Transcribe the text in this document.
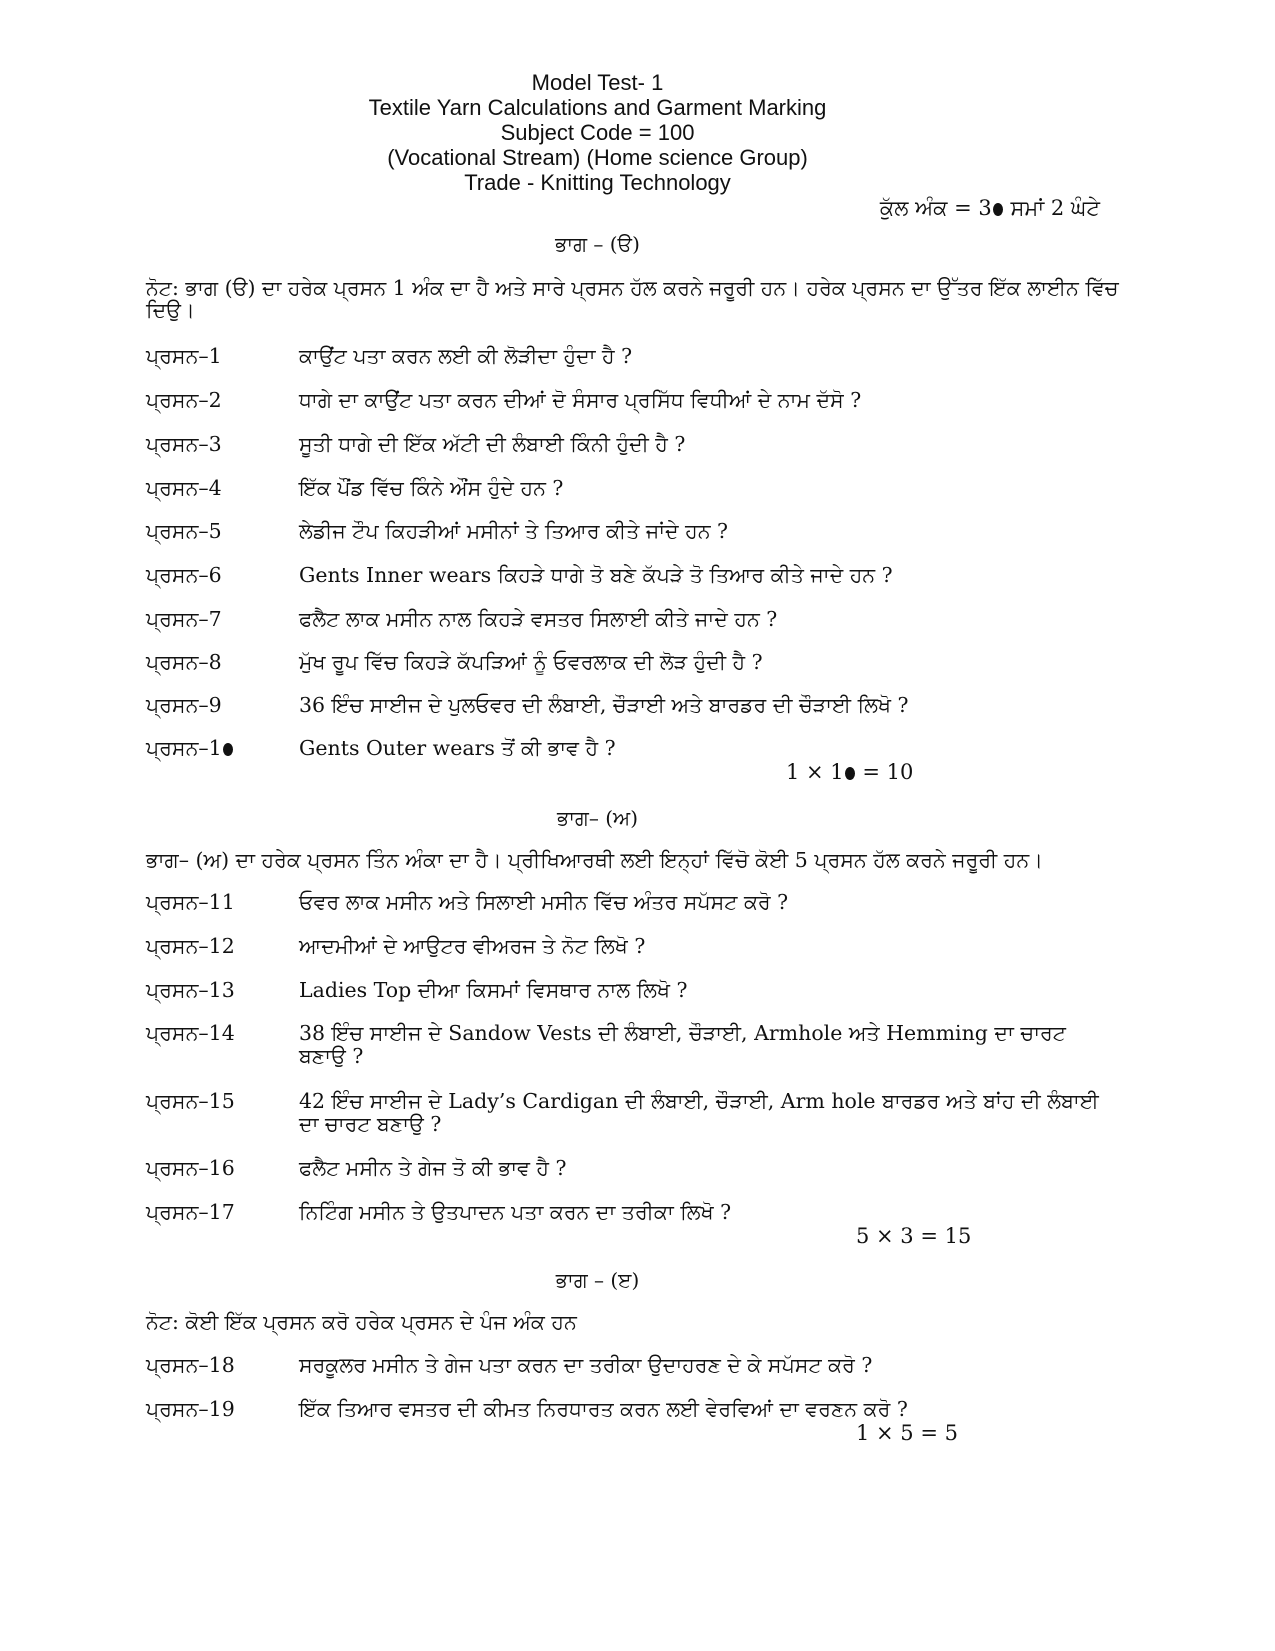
Model Test- 1
Textile Yarn Calculations and Garment Marking
Subject Code = 100
(Vocational Stream) (Home science Group)
Trade - Knitting Technology
ਕੁੱਲ ਅੰਕ = 3 ਸਮਾਂ 2 ਘੰਟੇ
ਭਾਗ – (ੳ)
ਨੋਟ: ਭਾਗ (ੳ) ਦਾ ਹਰੇਕ ਪ੍ਰਸਨ 1 ਅੰਕ ਦਾ ਹੈ ਅਤੇ ਸਾਰੇ ਪ੍ਰਸਨ ਹੱਲ ਕਰਨੇ ਜਰੂਰੀ ਹਨ। ਹਰੇਕ ਪ੍ਰਸਨ ਦਾ ਉੱਤਰ ਇੱਕ ਲਾਈਨ ਵਿੱਚ ਦਿਉ।
ਪ੍ਰਸਨ–1	ਕਾਉਂਟ ਪਤਾ ਕਰਨ ਲਈ ਕੀ ਲੋੜੀਦਾ ਹੁੰਦਾ ਹੈ ?
ਪ੍ਰਸਨ–2	ਧਾਗੇ ਦਾ ਕਾਉਂਟ ਪਤਾ ਕਰਨ ਦੀਆਂ ਦੋ ਸੰਸਾਰ ਪ੍ਰਸਿੱਧ ਵਿਧੀਆਂ ਦੇ ਨਾਮ ਦੱਸੋ ?
ਪ੍ਰਸਨ–3	ਸੂਤੀ ਧਾਗੇ ਦੀ ਇੱਕ ਅੱਟੀ ਦੀ ਲੰਬਾਈ ਕਿੰਨੀ ਹੁੰਦੀ ਹੈ ?
ਪ੍ਰਸਨ–4	ਇੱਕ ਪੌਂਡ ਵਿੱਚ ਕਿੰਨੇ ਔਂਸ ਹੁੰਦੇ ਹਨ ?
ਪ੍ਰਸਨ–5	ਲੇਡੀਜ ਟੌਪ ਕਿਹੜੀਆਂ ਮਸੀਨਾਂ ਤੇ ਤਿਆਰ ਕੀਤੇ ਜਾਂਦੇ ਹਨ ?
ਪ੍ਰਸਨ–6	Gents Inner wears ਕਿਹੜੇ ਧਾਗੇ ਤੋ ਬਣੇ ਕੱਪੜੇ ਤੋ ਤਿਆਰ ਕੀਤੇ ਜਾਦੇ ਹਨ ?
ਪ੍ਰਸਨ–7	ਫਲੈਟ ਲਾਕ ਮਸੀਨ ਨਾਲ ਕਿਹੜੇ ਵਸਤਰ ਸਿਲਾਈ ਕੀਤੇ ਜਾਦੇ ਹਨ ?
ਪ੍ਰਸਨ–8	ਮੁੱਖ ਰੂਪ ਵਿੱਚ ਕਿਹੜੇ ਕੱਪੜਿਆਂ ਨੂੰ ਓਵਰਲਾਕ ਦੀ ਲੋੜ ਹੁੰਦੀ ਹੈ ?
ਪ੍ਰਸਨ–9	36 ਇੰਚ ਸਾਈਜ ਦੇ ਪੁਲਓਵਰ ਦੀ ਲੰਬਾਈ, ਚੌੜਾਈ ਅਤੇ ਬਾਰਡਰ ਦੀ ਚੌੜਾਈ ਲਿਖੋ ?
ਪ੍ਰਸਨ–1	Gents Outer wears ਤੋਂ ਕੀ ਭਾਵ ਹੈ ?
1 × 1 = 10
ਭਾਗ– (ਅ)
ਭਾਗ– (ਅ) ਦਾ ਹਰੇਕ ਪ੍ਰਸਨ ਤਿੰਨ ਅੰਕਾ ਦਾ ਹੈ। ਪ੍ਰੀਖਿਆਰਥੀ ਲਈ ਇਨ੍ਹਾਂ ਵਿੱਚੋ ਕੋਈ 5 ਪ੍ਰਸਨ ਹੱਲ ਕਰਨੇ ਜਰੂਰੀ ਹਨ।
ਪ੍ਰਸਨ–11	ਓਵਰ ਲਾਕ ਮਸੀਨ ਅਤੇ ਸਿਲਾਈ ਮਸੀਨ ਵਿੱਚ ਅੰਤਰ ਸਪੱਸਟ ਕਰੋ ?
ਪ੍ਰਸਨ–12	ਆਦਮੀਆਂ ਦੇ ਆਉਟਰ ਵੀਅਰਜ ਤੇ ਨੋਟ ਲਿਖੋ ?
ਪ੍ਰਸਨ–13	Ladies Top ਦੀਆ ਕਿਸਮਾਂ ਵਿਸਥਾਰ ਨਾਲ ਲਿਖੋ ?
ਪ੍ਰਸਨ–14	38 ਇੰਚ ਸਾਈਜ ਦੇ Sandow Vests ਦੀ ਲੰਬਾਈ, ਚੌੜਾਈ, Armhole ਅਤੇ Hemming ਦਾ ਚਾਰਟ ਬਣਾਉ ?
ਪ੍ਰਸਨ–15	42 ਇੰਚ ਸਾਈਜ ਦੇ Lady’s Cardigan ਦੀ ਲੰਬਾਈ, ਚੌੜਾਈ, Arm hole ਬਾਰਡਰ ਅਤੇ ਬਾਂਹ ਦੀ ਲੰਬਾਈ ਦਾ ਚਾਰਟ ਬਣਾਉ ?
ਪ੍ਰਸਨ–16	ਫਲੈਟ ਮਸੀਨ ਤੇ ਗੇਜ ਤੋ ਕੀ ਭਾਵ ਹੈ ?
ਪ੍ਰਸਨ–17	ਨਿਟਿੰਗ ਮਸੀਨ ਤੇ ਉਤਪਾਦਨ ਪਤਾ ਕਰਨ ਦਾ ਤਰੀਕਾ ਲਿਖੋ ?
5 × 3 = 15
ਭਾਗ – (ੲ)
ਨੋਟ: ਕੋਈ ਇੱਕ ਪ੍ਰਸਨ ਕਰੋ ਹਰੇਕ ਪ੍ਰਸਨ ਦੇ ਪੰਜ ਅੰਕ ਹਨ
ਪ੍ਰਸਨ–18	ਸਰਕੂਲਰ ਮਸੀਨ ਤੇ ਗੇਜ ਪਤਾ ਕਰਨ ਦਾ ਤਰੀਕਾ ਉਦਾਹਰਣ ਦੇ ਕੇ ਸਪੱਸਟ ਕਰੋ ?
ਪ੍ਰਸਨ–19	ਇੱਕ ਤਿਆਰ ਵਸਤਰ ਦੀ ਕੀਮਤ ਨਿਰਧਾਰਤ ਕਰਨ ਲਈ ਵੇਰਵਿਆਂ ਦਾ ਵਰਣਨ ਕਰੋ ?
1 × 5 = 5
